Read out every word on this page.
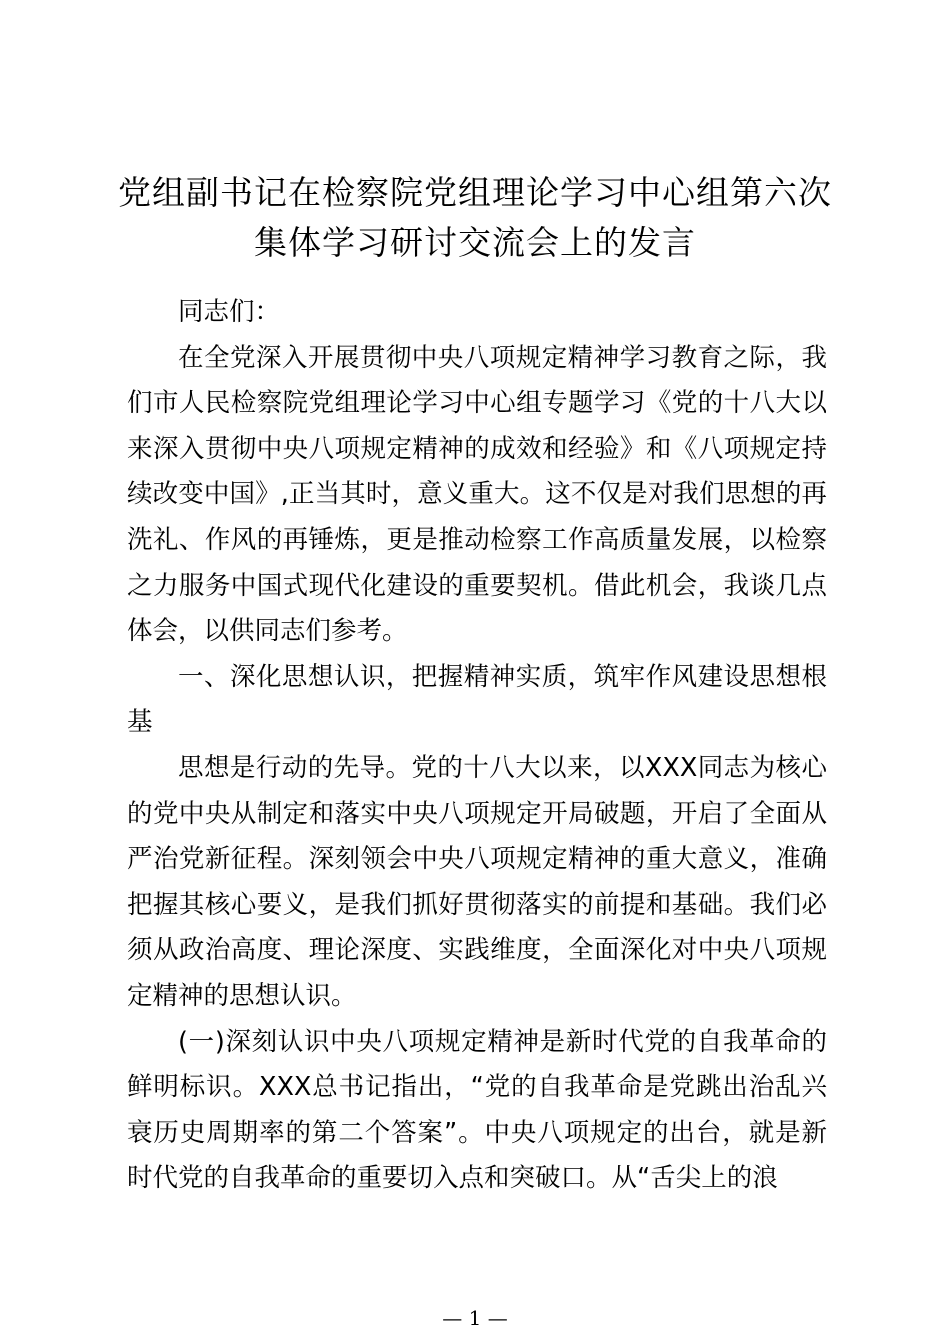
党组副书记在检察院党组理论学习中心组第六次集体学习研讨交流会上的发言

同志们：

在全党深入开展贯彻中央八项规定精神学习教育之际，我们市人民检察院党组理论学习中心组专题学习《党的十八大以来深入贯彻中央八项规定精神的成效和经验》和《八项规定持续改变中国》,正当其时，意义重大。这不仅是对我们思想的再洗礼、作风的再锤炼，更是推动检察工作高质量发展，以检察之力服务中国式现代化建设的重要契机。借此机会，我谈几点体会，以供同志们参考。

一、深化思想认识，把握精神实质，筑牢作风建设思想根基

思想是行动的先导。党的十八大以来，以XXX同志为核心的党中央从制定和落实中央八项规定开局破题，开启了全面从严治党新征程。深刻领会中央八项规定精神的重大意义，准确把握其核心要义，是我们抓好贯彻落实的前提和基础。我们必须从政治高度、理论深度、实践维度，全面深化对中央八项规定精神的思想认识。

(一)深刻认识中央八项规定精神是新时代党的自我革命的鲜明标识。XXX总书记指出，“党的自我革命是党跳出治乱兴衰历史周期率的第二个答案”。中央八项规定的出台，就是新时代党的自我革命的重要切入点和突破口。从“舌尖上的浪

— 1 —
